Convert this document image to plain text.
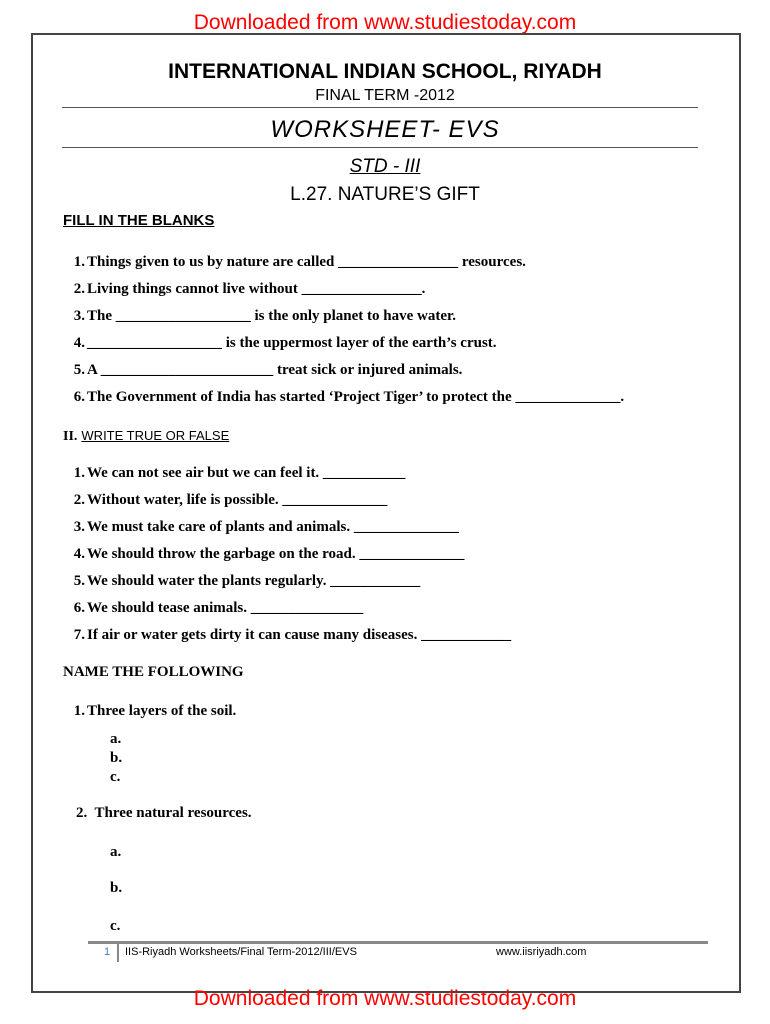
Downloaded from www.studiestoday.com
INTERNATIONAL INDIAN SCHOOL, RIYADH
FINAL TERM -2012
WORKSHEET- EVS
STD - III
L.27. NATURE’S GIFT
FILL IN THE BLANKS
1. Things given to us by nature are called ________________ resources.
2. Living things cannot live without ________________.
3. The __________________ is the only planet to have water.
4. __________________ is the uppermost layer of the earth’s crust.
5. A _______________________ treat sick or injured animals.
6. The Government of India has started ‘Project Tiger’ to protect the ______________.
II. WRITE TRUE OR FALSE
1. We can not see air but we can feel it. ___________
2. Without water, life is possible. ______________
3. We must take care of plants and animals. ______________
4. We should throw the garbage on the road. ______________
5. We should water the plants regularly. ____________
6. We should tease animals. _______________
7. If air or water gets dirty it can cause many diseases. ____________
NAME THE FOLLOWING
1. Three layers of the soil.
a.
b.
c.
2. Three natural resources.
a.
b.
c.
1 IIS-Riyadh Worksheets/Final Term-2012/III/EVS	www.iisriyadh.com
Downloaded from www.studiestoday.com
